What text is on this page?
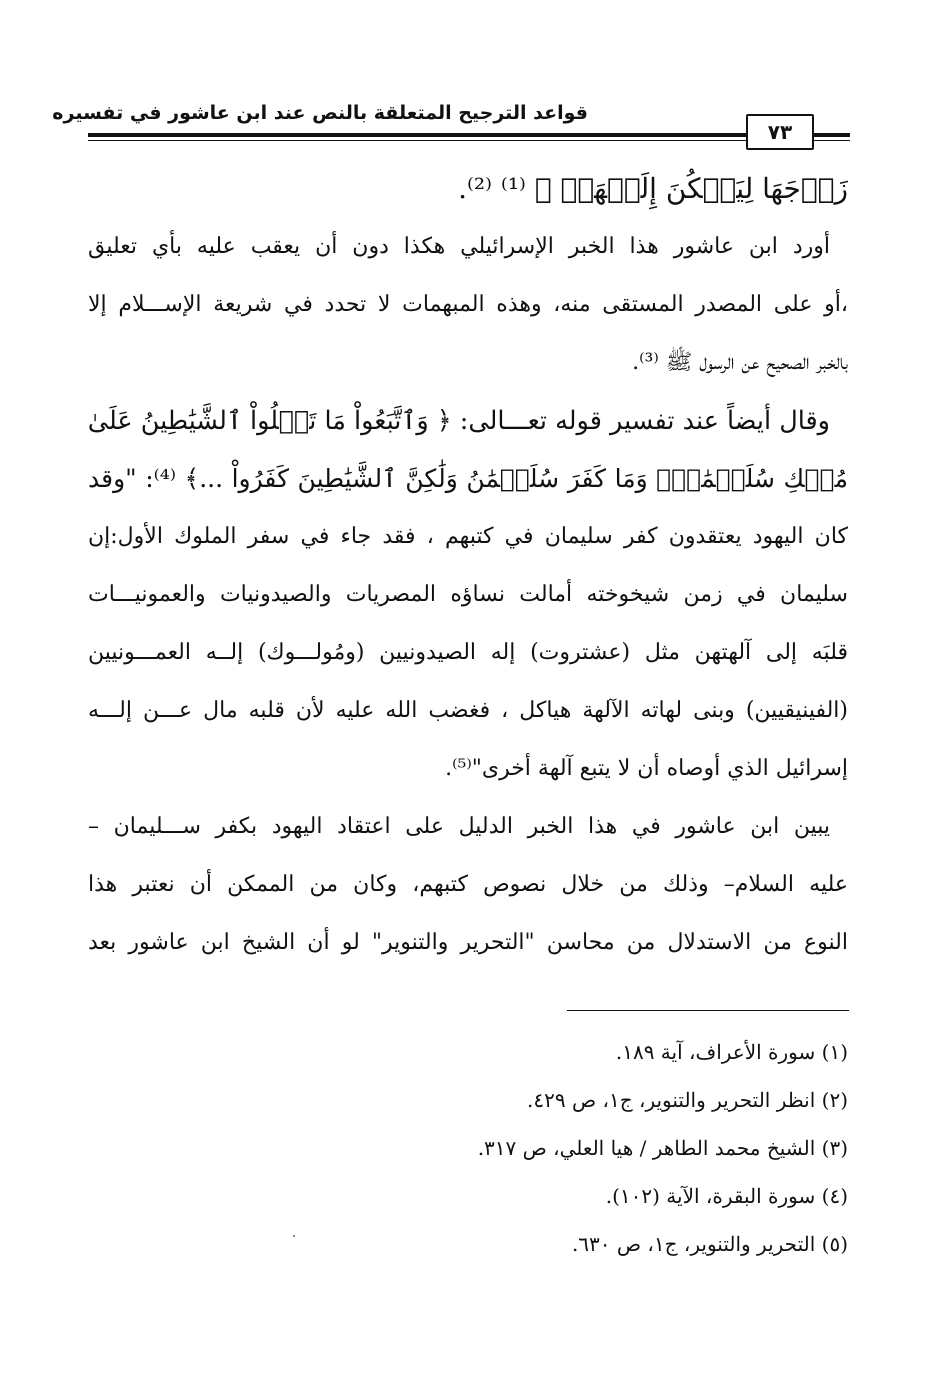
قواعد الترجيح المتعلقة بالنص عند ابن عاشور في تفسيره
٧٣
زَوۡجَهَا لِيَسۡكُنَ إِلَيۡهَاۖ ﴾ ⁽¹⁾ ⁽²⁾.
أورد ابن عاشور هذا الخبر الإسرائيلي هكذا دون أن يعقب عليه بأي تعليق
،أو على المصدر المستقى منه، وهذه المبهمات لا تحدد في شريعة الإســـلام إلا
بالخبر الصحيح عن الرسول ﷺ ⁽³⁾.
وقال أيضاً عند تفسير قوله تعـــالى: ﴿ وَٱتَّبَعُواْ مَا تَتۡلُواْ ٱلشَّيَٰطِينُ عَلَىٰ
مُلۡكِ سُلَيۡمَٰنَۖ وَمَا كَفَرَ سُلَيۡمَٰنُ وَلَٰكِنَّ ٱلشَّيَٰطِينَ كَفَرُواْ ...﴾ ⁽⁴⁾: "وقد
كان اليهود يعتقدون كفر سليمان في كتبهم ، فقد جاء في سفر الملوك الأول:إن
سليمان في زمن شيخوخته أمالت نساؤه المصريات والصيدونيات والعمونيـــات
قلبَه إلى آلهتهن مثل (عشتروت) إله الصيدونيين (ومُولـــوك) إلــه العمـــونيين
(الفينيقيين) وبنى لهاته الآلهة هياكل ، فغضب الله عليه لأن قلبه مال عـــن إلـــه
إسرائيل الذي أوصاه أن لا يتبع آلهة أخرى"⁽⁵⁾.
يبين ابن عاشور في هذا الخبر الدليل على اعتقاد اليهود بكفر ســـليمان –
عليه السلام– وذلك من خلال نصوص كتبهم، وكان من الممكن أن نعتبر هذا
النوع من الاستدلال من محاسن "التحرير والتنوير" لو أن الشيخ ابن عاشور بعد
(١) سورة الأعراف، آية ١٨٩.
(٢) انظر التحرير والتنوير، ج١، ص ٤٢٩.
(٣) الشيخ محمد الطاهر / هيا العلي، ص ٣١٧.
(٤) سورة البقرة، الآية (١٠٢).
(٥) التحرير والتنوير، ج١، ص ٦٣٠.
